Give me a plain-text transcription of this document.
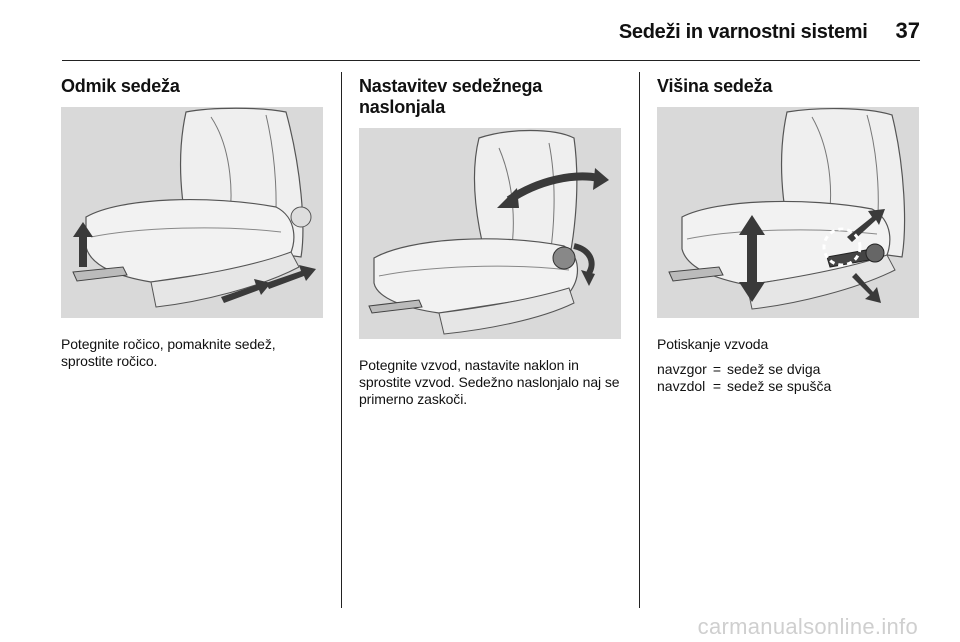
Sedeži in varnostni sistemi 37
Odmik sedeža

Potegnite ročico, pomaknite sedež, sprostite ročico.

Nastavitev sedežnega naslonjala

Potegnite vzvod, nastavite naklon in sprostite vzvod. Sedežno naslonjalo naj se primerno zaskoči.

Višina sedeža

Potiskanje vzvoda

navzgor	=	sedež se dviga
navzdol	=	sedež se spušča
carmanualsonline.info
